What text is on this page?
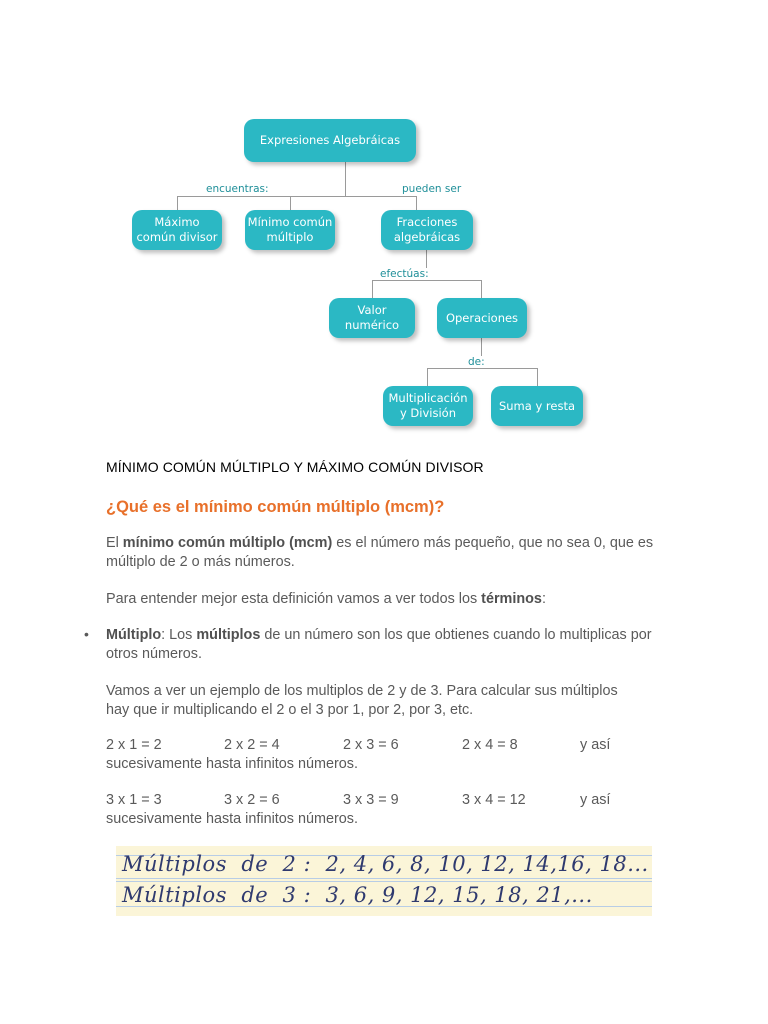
encuentras:	pueden ser
efectúas:
de:
Expresiones Algebráicas
Máximo
común divisor
Mínimo común
múltiplo
Fracciones
algebráicas
Valor
numérico
Operaciones
Multiplicación
y División
Suma y resta
MÍNIMO COMÚN MÚLTIPLO Y MÁXIMO COMÚN DIVISOR
¿Qué es el mínimo común múltiplo (mcm)?
El mínimo común múltiplo (mcm) es el número más pequeño, que no sea 0, que es múltiplo de 2 o más números.
Para entender mejor esta definición vamos a ver todos los términos:
• Múltiplo: Los múltiplos de un número son los que obtienes cuando lo multiplicas por otros números.
Vamos a ver un ejemplo de los multiplos de 2 y de 3. Para calcular sus múltiplos hay que ir multiplicando el 2 o el 3 por 1, por 2, por 3, etc.
2 x 1 = 2	2 x 2 = 4	2 x 3 = 6	2 x 4 = 8	y así
sucesivamente hasta infinitos números.
3 x 1 = 3	3 x 2 = 6	3 x 3 = 9	3 x 4 = 12	y así
sucesivamente hasta infinitos números.
Múltiplos  de  2 :  2, 4, 6, 8, 10, 12, 14,16, 18...
Múltiplos  de  3 :  3, 6, 9, 12, 15, 18, 21,...
